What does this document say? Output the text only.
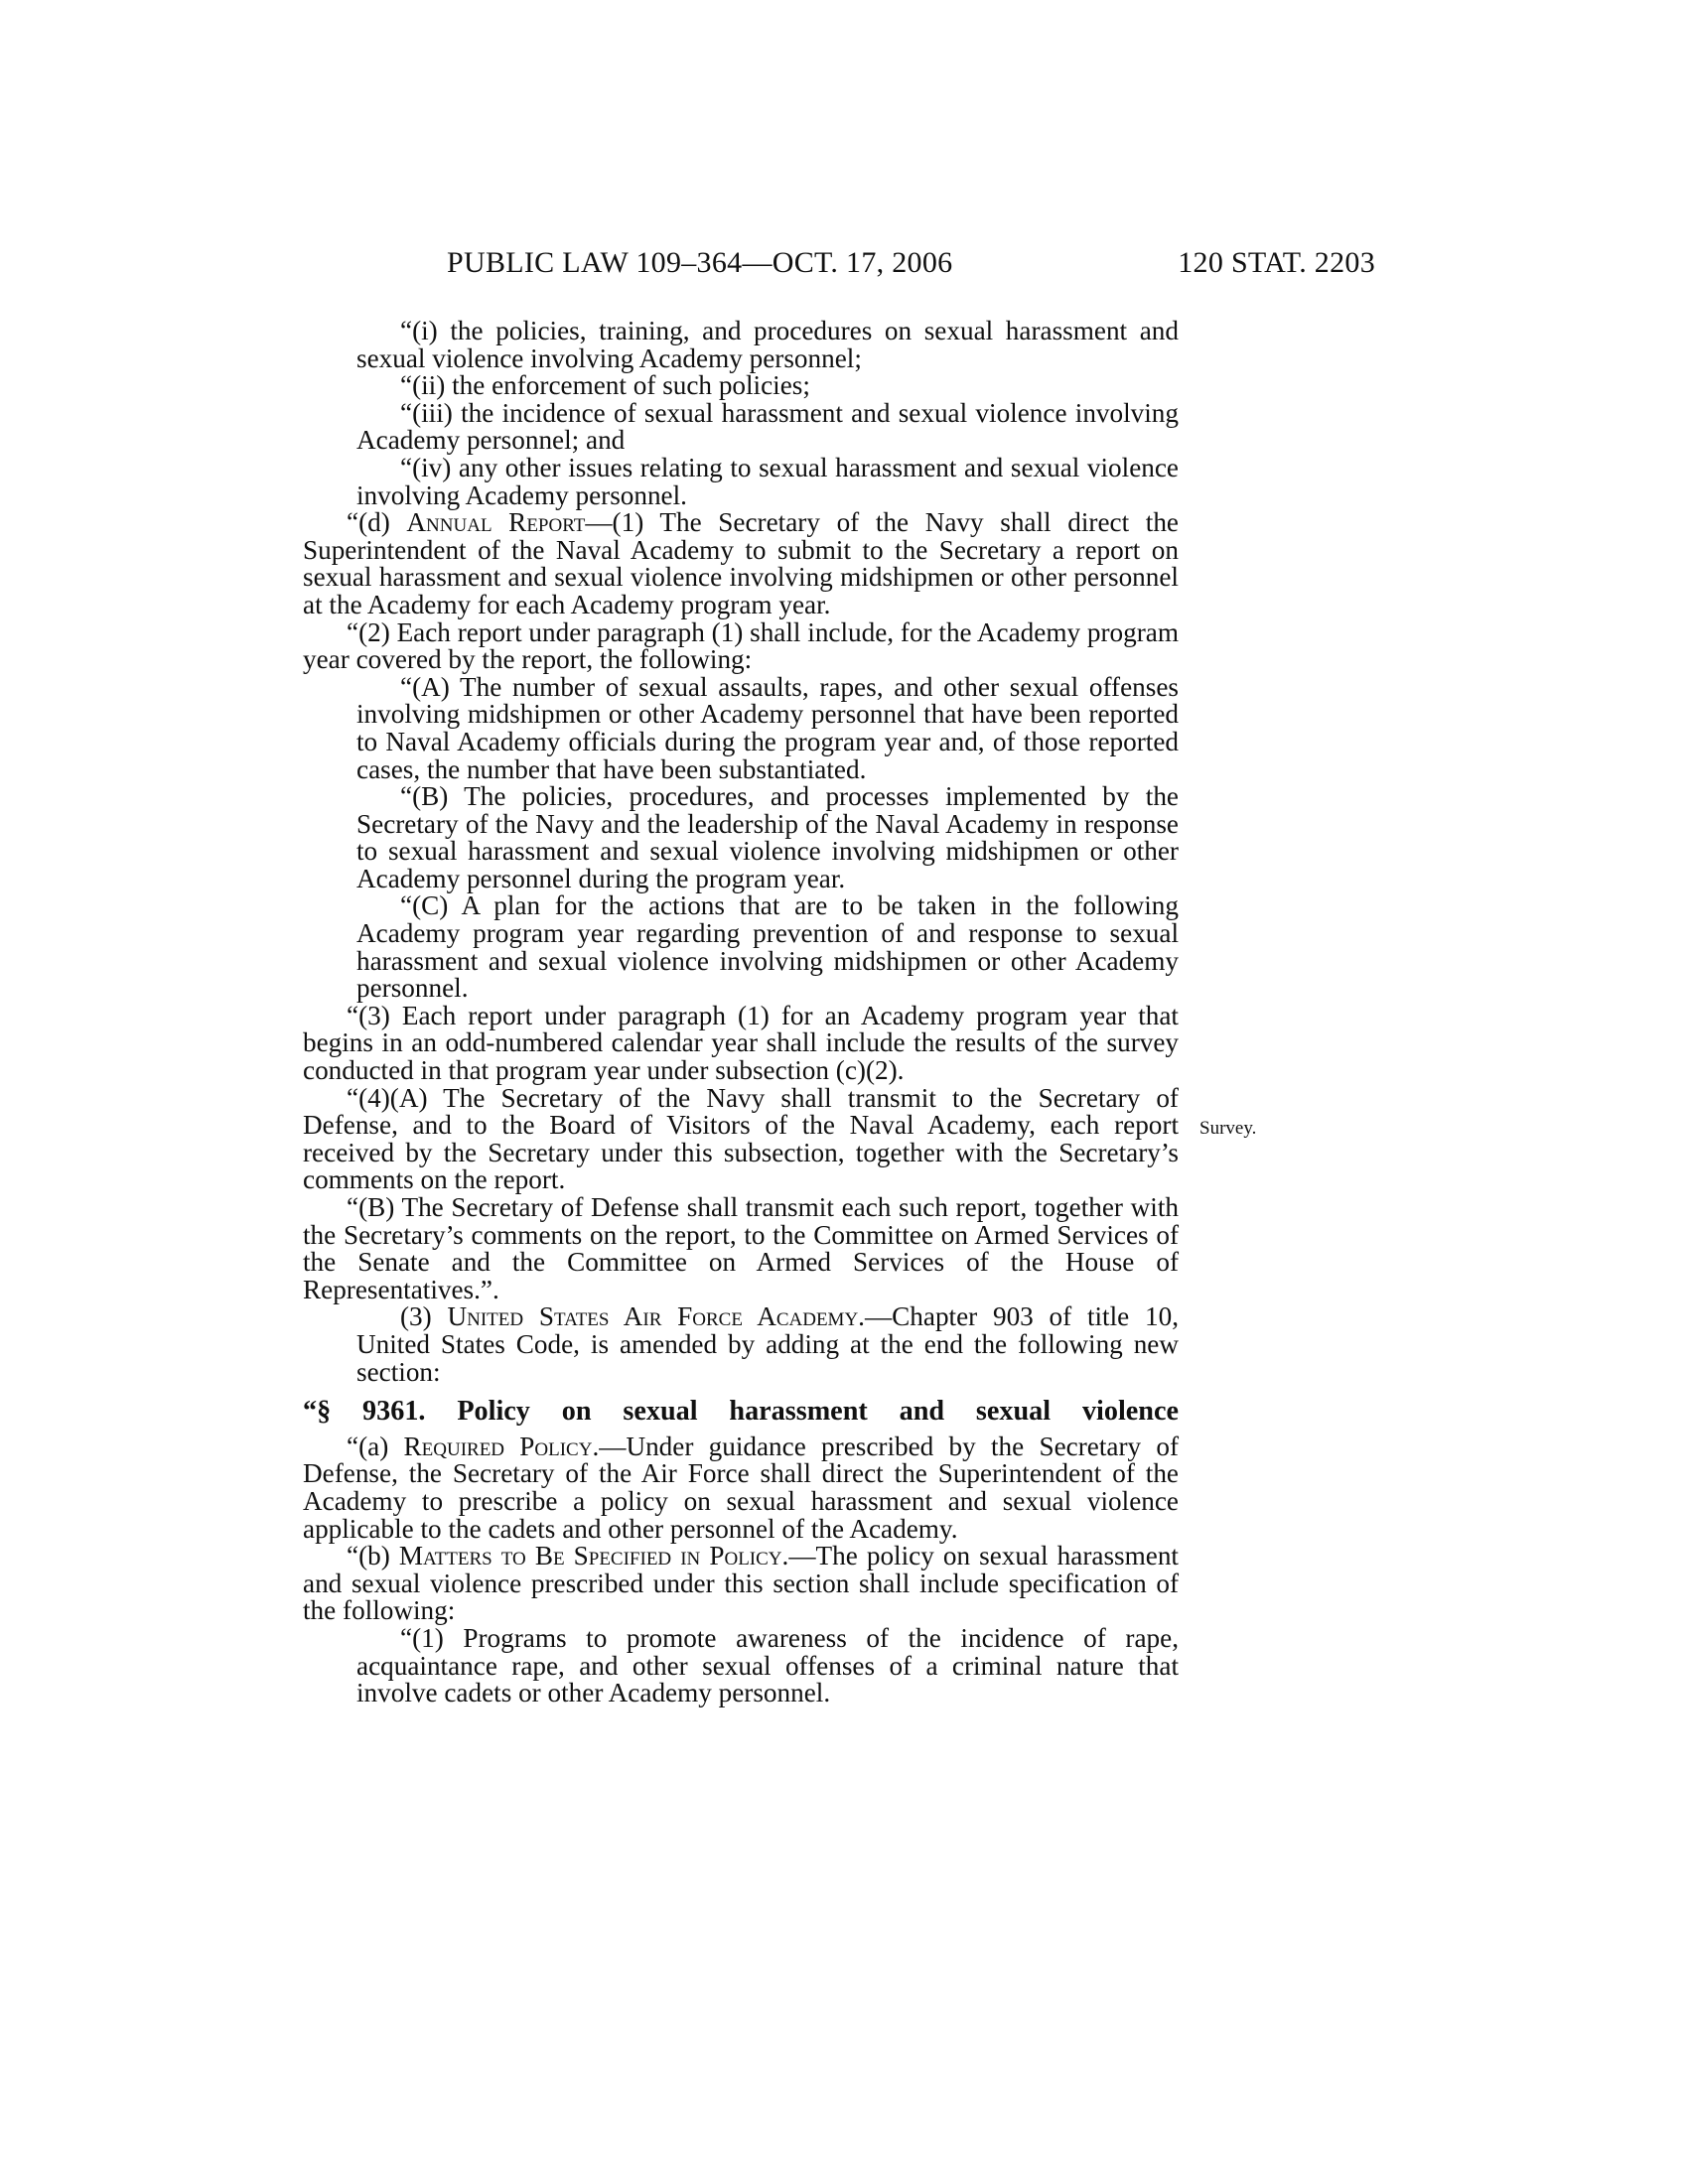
PUBLIC LAW 109–364—OCT. 17, 2006	120 STAT. 2203
Survey.

“(i) the policies, training, and procedures on sexual harassment and sexual violence involving Academy personnel;

“(ii) the enforcement of such policies;

“(iii) the incidence of sexual harassment and sexual violence involving Academy personnel; and

“(iv) any other issues relating to sexual harassment and sexual violence involving Academy personnel.

“(d) Annual Report—(1) The Secretary of the Navy shall direct the Superintendent of the Naval Academy to submit to the Secretary a report on sexual harassment and sexual violence involving midshipmen or other personnel at the Academy for each Academy program year.

“(2) Each report under paragraph (1) shall include, for the Academy program year covered by the report, the following:

“(A) The number of sexual assaults, rapes, and other sexual offenses involving midshipmen or other Academy personnel that have been reported to Naval Academy officials during the program year and, of those reported cases, the number that have been substantiated.

“(B) The policies, procedures, and processes implemented by the Secretary of the Navy and the leadership of the Naval Academy in response to sexual harassment and sexual violence involving midshipmen or other Academy personnel during the program year.

“(C) A plan for the actions that are to be taken in the following Academy program year regarding prevention of and response to sexual harassment and sexual violence involving midshipmen or other Academy personnel.

“(3) Each report under paragraph (1) for an Academy program year that begins in an odd-numbered calendar year shall include the results of the survey conducted in that program year under subsection (c)(2).

“(4)(A) The Secretary of the Navy shall transmit to the Secretary of Defense, and to the Board of Visitors of the Naval Academy, each report received by the Secretary under this subsection, together with the Secretary’s comments on the report.

“(B) The Secretary of Defense shall transmit each such report, together with the Secretary’s comments on the report, to the Committee on Armed Services of the Senate and the Committee on Armed Services of the House of Representatives.”.

(3) United States Air Force Academy.—Chapter 903 of title 10, United States Code, is amended by adding at the end the following new section:

“§ 9361. Policy on sexual harassment and sexual violence

“(a) Required Policy.—Under guidance prescribed by the Secretary of Defense, the Secretary of the Air Force shall direct the Superintendent of the Academy to prescribe a policy on sexual harassment and sexual violence applicable to the cadets and other personnel of the Academy.

“(b) Matters to Be Specified in Policy.—The policy on sexual harassment and sexual violence prescribed under this section shall include specification of the following:

“(1) Programs to promote awareness of the incidence of rape, acquaintance rape, and other sexual offenses of a criminal nature that involve cadets or other Academy personnel.
